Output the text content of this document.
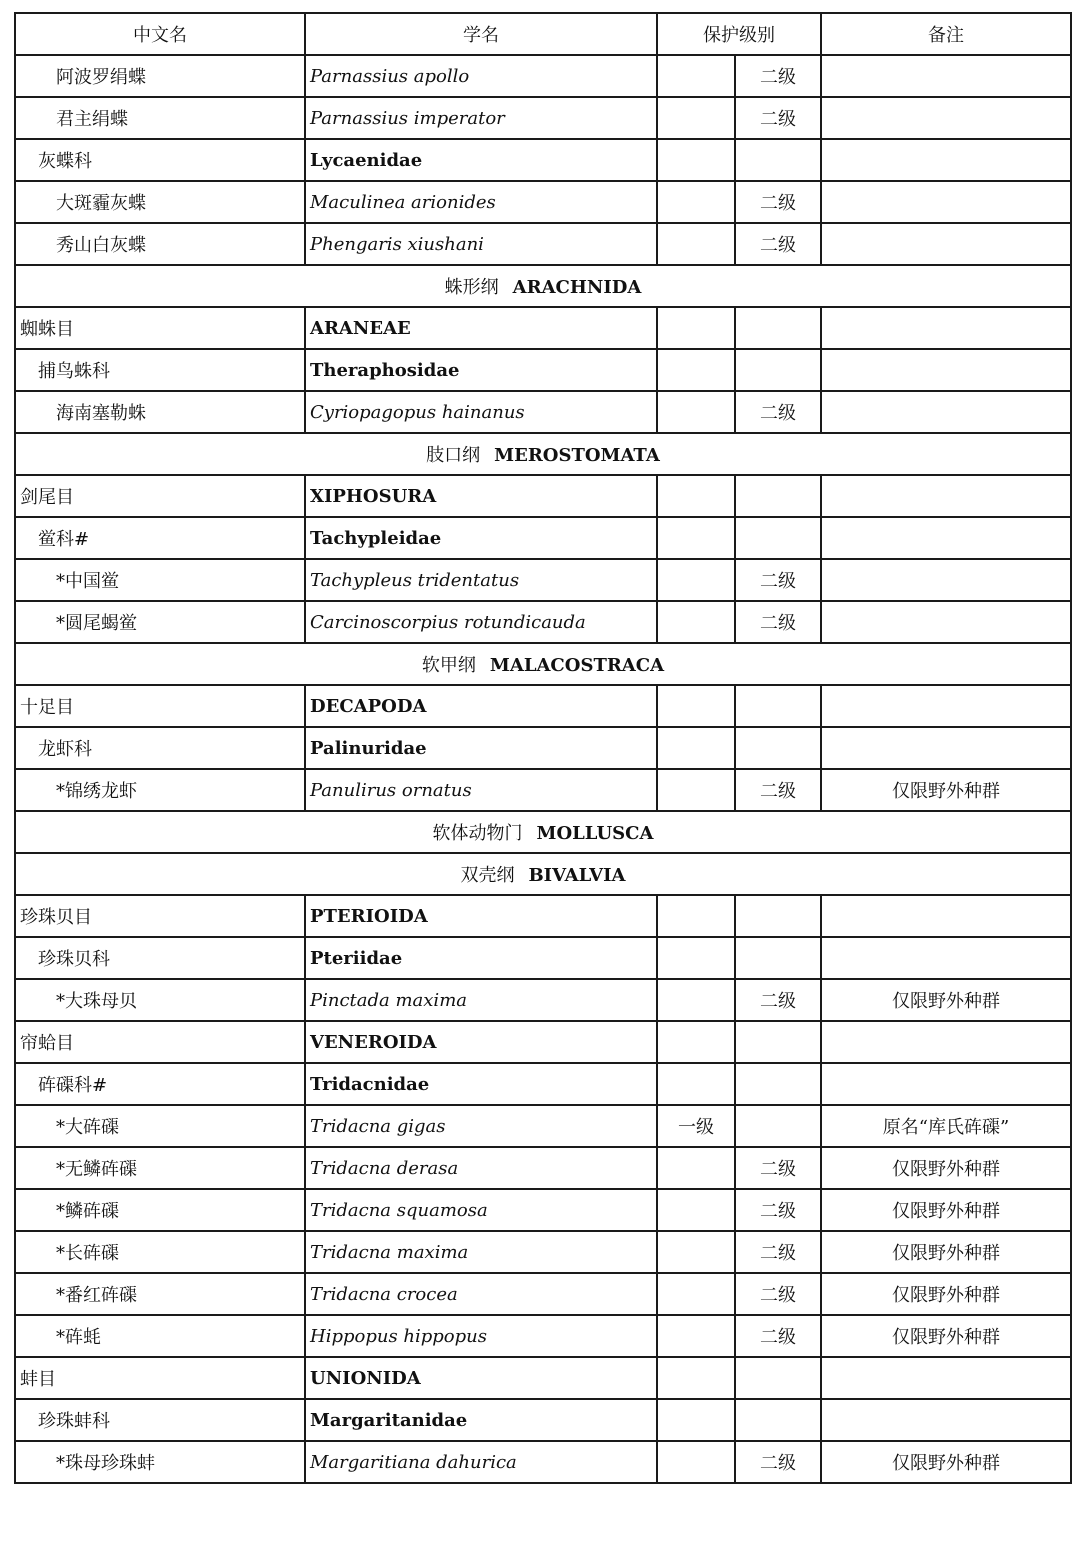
中文名	学名	保护级别		备注
阿波罗绢蝶	Parnassius apollo		二级	
君主绢蝶	Parnassius imperator		二级	
灰蝶科	Lycaenidae			
大斑霾灰蝶	Maculinea arionides		二级	
秀山白灰蝶	Phengaris xiushani		二级	
蛛形纲 ARACHNIDA				
蜘蛛目	ARANEAE			
捕鸟蛛科	Theraphosidae			
海南塞勒蛛	Cyriopagopus hainanus		二级	
肢口纲 MEROSTOMATA				
剑尾目	XIPHOSURA			
鲎科#	Tachypleidae			
*中国鲎	Tachypleus tridentatus		二级	
*圆尾蝎鲎	Carcinoscorpius rotundicauda		二级	
软甲纲 MALACOSTRACA				
十足目	DECAPODA			
龙虾科	Palinuridae			
*锦绣龙虾	Panulirus ornatus		二级	仅限野外种群
软体动物门 MOLLUSCA				
双壳纲 BIVALVIA				
珍珠贝目	PTERIOIDA			
珍珠贝科	Pteriidae			
*大珠母贝	Pinctada maxima		二级	仅限野外种群
帘蛤目	VENEROIDA			
砗磲科#	Tridacnidae			
*大砗磲	Tridacna gigas	一级		原名“库氏砗磲”
*无鳞砗磲	Tridacna derasa		二级	仅限野外种群
*鳞砗磲	Tridacna squamosa		二级	仅限野外种群
*长砗磲	Tridacna maxima		二级	仅限野外种群
*番红砗磲	Tridacna crocea		二级	仅限野外种群
*砗蚝	Hippopus hippopus		二级	仅限野外种群
蚌目	UNIONIDA			
珍珠蚌科	Margaritanidae			
*珠母珍珠蚌	Margaritiana dahurica		二级	仅限野外种群
